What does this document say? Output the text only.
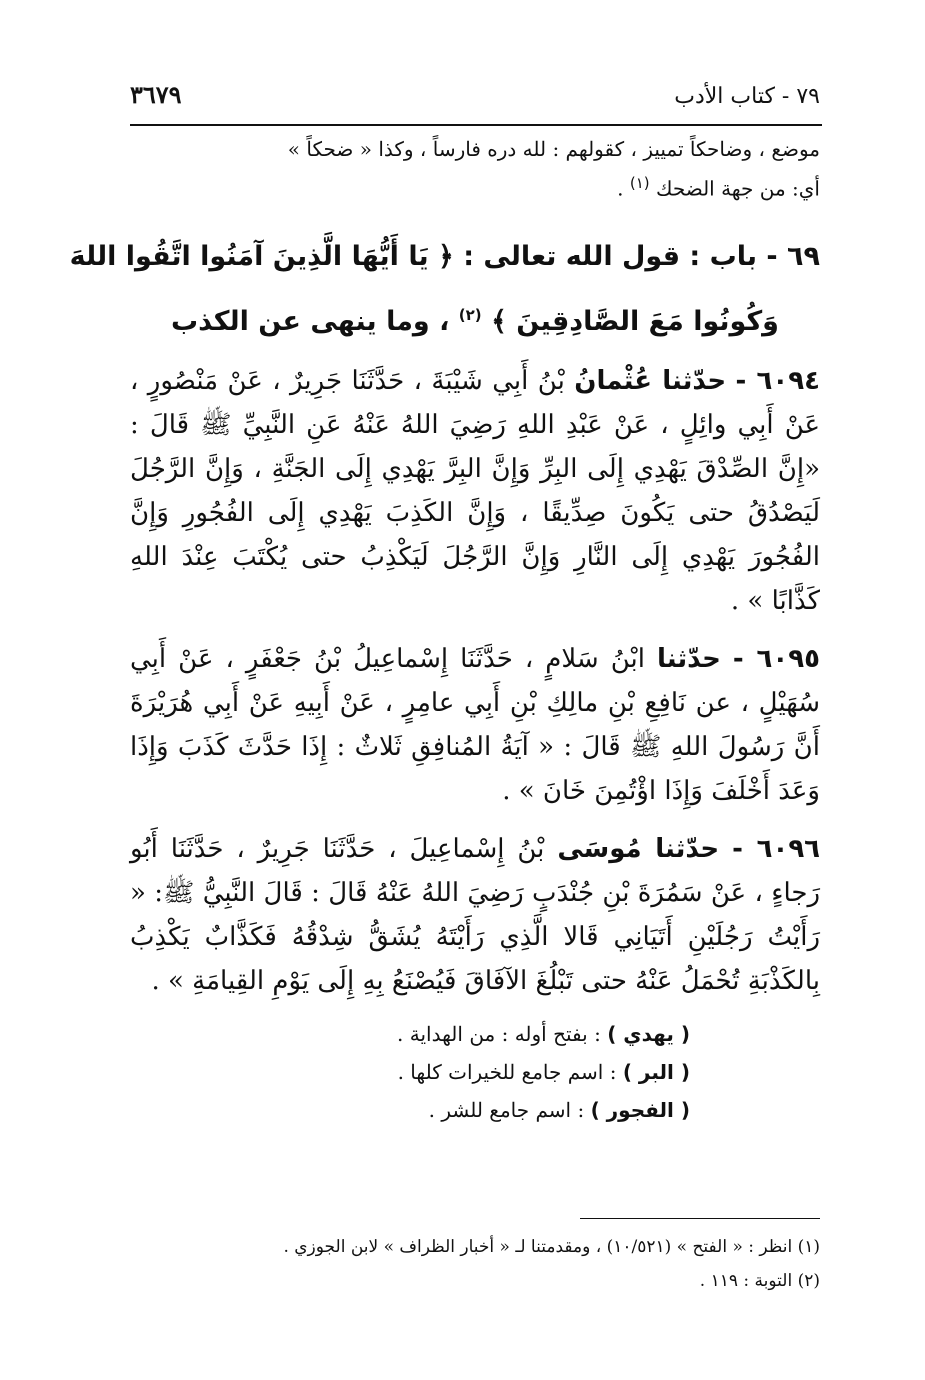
٧٩ - كتاب الأدب
٣٦٧٩

موضع ، وضاحكاً تمييز ، كقولهم : لله دره فارساً ، وكذا « ضحكاً »

أي: من جهة الضحك $^{(١)}$ .

٦٩ - باب : قول الله تعالى : ﴿ يَا أَيُّهَا الَّذِينَ آمَنُوا اتَّقُوا اللهَ
وَكُونُوا مَعَ الصَّادِقِينَ ﴾ $^{(٢)}$ ، وما ينهى عن الكذب

٦٠٩٤ - حدّثنا عُثْمانُ بْنُ أَبِي شَيْبَةَ ، حَدَّثَنَا جَرِيرٌ ، عَنْ مَنْصُورٍ ، عَنْ أَبِي وائِلٍ ، عَنْ عَبْدِ اللهِ رَضِيَ اللهُ عَنْهُ عَنِ النَّبِيِّ ﷺ قَالَ : «إِنَّ الصِّدْقَ يَهْدِي إِلَى البِرِّ وَإِنَّ البِرَّ يَهْدِي إِلَى الجَنَّةِ ، وَإِنَّ الرَّجُلَ لَيَصْدُقُ حتى يَكُونَ صِدِّيقًا ، وَإِنَّ الكَذِبَ يَهْدِي إِلَى الفُجُورِ وَإِنَّ الفُجُورَ يَهْدِي إِلَى النَّارِ وَإِنَّ الرَّجُلَ لَيَكْذِبُ حتى يُكْتَبَ عِنْدَ اللهِ كَذَّابًا » .

٦٠٩٥ - حدّثنا ابْنُ سَلامٍ ، حَدَّثَنَا إِسْماعِيلُ بْنُ جَعْفَرٍ ، عَنْ أَبِي سُهَيْلٍ ، عن نَافِعِ بْنِ مالِكِ بْنِ أَبِي عامِرٍ ، عَنْ أَبِيهِ عَنْ أَبِي هُرَيْرَةَ أَنَّ رَسُولَ اللهِ ﷺ قَالَ : « آيَةُ المُنافِقِ ثَلاثٌ : إِذَا حَدَّثَ كَذَبَ وَإِذَا وَعَدَ أَخْلَفَ وَإِذَا اؤْتُمِنَ خَانَ » .

٦٠٩٦ - حدّثنا مُوسَى بْنُ إِسْماعِيلَ ، حَدَّثَنَا جَرِيرٌ ، حَدَّثَنَا أَبُو رَجاءٍ ، عَنْ سَمُرَةَ بْنِ جُنْدَبٍ رَضِيَ اللهُ عَنْهُ قَالَ : قَالَ النَّبِيُّ ﷺ: « رَأَيْتُ رَجُلَيْنِ أَتَيَانِي قَالا الَّذِي رَأَيْتَهُ يُشَقُّ شِدْقُهُ فَكَذَّابٌ يَكْذِبُ بِالكَذْبَةِ تُحْمَلُ عَنْهُ حتى تَبْلُغَ الآفَاقَ فَيُصْنَعُ بِهِ إِلَى يَوْمِ القِيامَةِ » .

( يهدي ) : بفتح أوله : من الهداية .

( البر ) : اسم جامع للخيرات كلها .

( الفجور ) : اسم جامع للشر .

(١) انظر : « الفتح » (١٠/٥٢١) ، ومقدمتنا لـ « أخبار الظراف » لابن الجوزي .

(٢) التوبة : ١١٩ .
